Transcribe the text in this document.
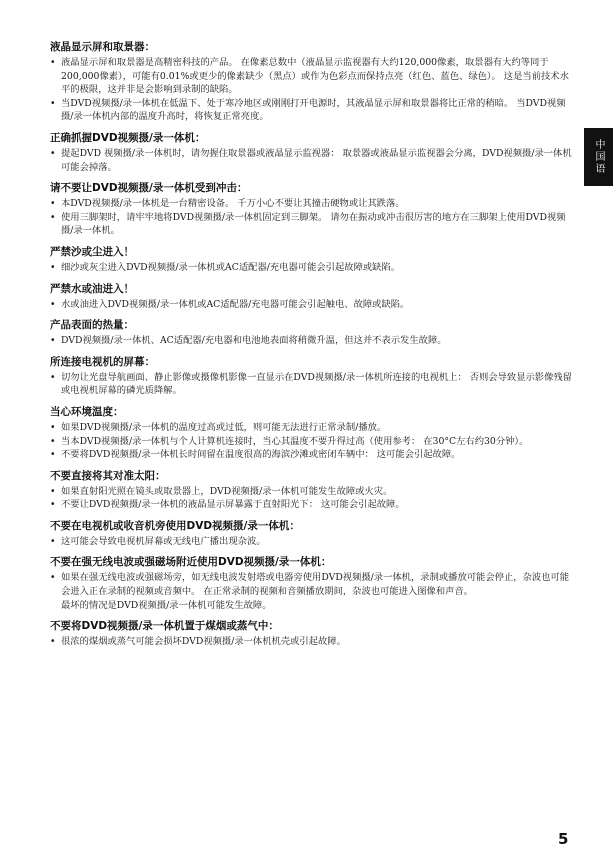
液晶显示屏和取景器：
• 液晶显示屏和取景器是高精密科技的产品。 在像素总数中（液晶显示监视器有大约120,000像素，取景器有大约等同于200,000像素），可能有0.01%或更少的像素缺少（黑点）或作为色彩点而保持点亮（红色、蓝色、绿色）。 这是当前技术水平的极限，这并非是会影响到录制的缺陷。
• 当DVD视频摄/录一体机在低温下、处于寒冷地区或刚刚打开电源时，其液晶显示屏和取景器将比正常的稍暗。 当DVD视频摄/录一体机内部的温度升高时，将恢复正常亮度。
正确抓握DVD视频摄/录一体机：
• 提起DVD 视频摄/录一体机时，请勿握住取景器或液晶显示监视器： 取景器或液晶显示监视器会分离，DVD视频摄/录一体机可能会掉落。
请不要让DVD视频摄/录一体机受到冲击：
• 本DVD视频摄/录一体机是一台精密设备。 千万小心不要让其撞击硬物或让其跌落。
• 使用三脚架时，请牢牢地将DVD视频摄/录一体机固定到三脚架。 请勿在振动或冲击很厉害的地方在三脚架上使用DVD视频摄/录一体机。
严禁沙或尘进入！
• 细沙或灰尘进入DVD视频摄/录一体机或AC适配器/充电器可能会引起故障或缺陷。
严禁水或油进入！
• 水或油进入DVD视频摄/录一体机或AC适配器/充电器可能会引起触电、故障或缺陷。
产品表面的热量：
• DVD视频摄/录一体机、AC适配器/充电器和电池地表面将稍微升温，但这并不表示发生故障。
所连接电视机的屏幕：
• 切勿让光盘导航画面、静止影像或摄像机影像一直显示在DVD视频摄/录一体机所连接的电视机上： 否则会导致显示影像残留或电视机屏幕的磷光质降解。
当心环境温度：
• 如果DVD视频摄/录一体机的温度过高或过低，则可能无法进行正常录制/播放。
• 当本DVD视频摄/录一体机与个人计算机连接时，当心其温度不要升得过高（使用参考： 在30°C左右约30分钟）。
• 不要将DVD视频摄/录一体机长时间留在温度很高的海滨沙滩或密闭车辆中： 这可能会引起故障。
不要直接将其对准太阳：
• 如果直射阳光照在镜头或取景器上，DVD视频摄/录一体机可能发生故障或火灾。
• 不要让DVD视频摄/录一体机的液晶显示屏暴露于直射阳光下： 这可能会引起故障。
不要在电视机或收音机旁使用DVD视频摄/录一体机：
• 这可能会导致电视机屏幕或无线电广播出现杂波。
不要在强无线电波或强磁场附近使用DVD视频摄/录一体机：
• 如果在强无线电波或强磁场旁，如无线电波发射塔或电器旁使用DVD视频摄/录一体机，录制或播放可能会停止，杂波也可能会进入正在录制的视频或音频中。 在正常录制的视频和音频播放期间，杂波也可能进入图像和声音。
最坏的情况是DVD视频摄/录一体机可能发生故障。
不要将DVD视频摄/录一体机置于煤烟或蒸气中：
• 很浓的煤烟或蒸气可能会损坏DVD视频摄/录一体机机壳或引起故障。
中国语
5
